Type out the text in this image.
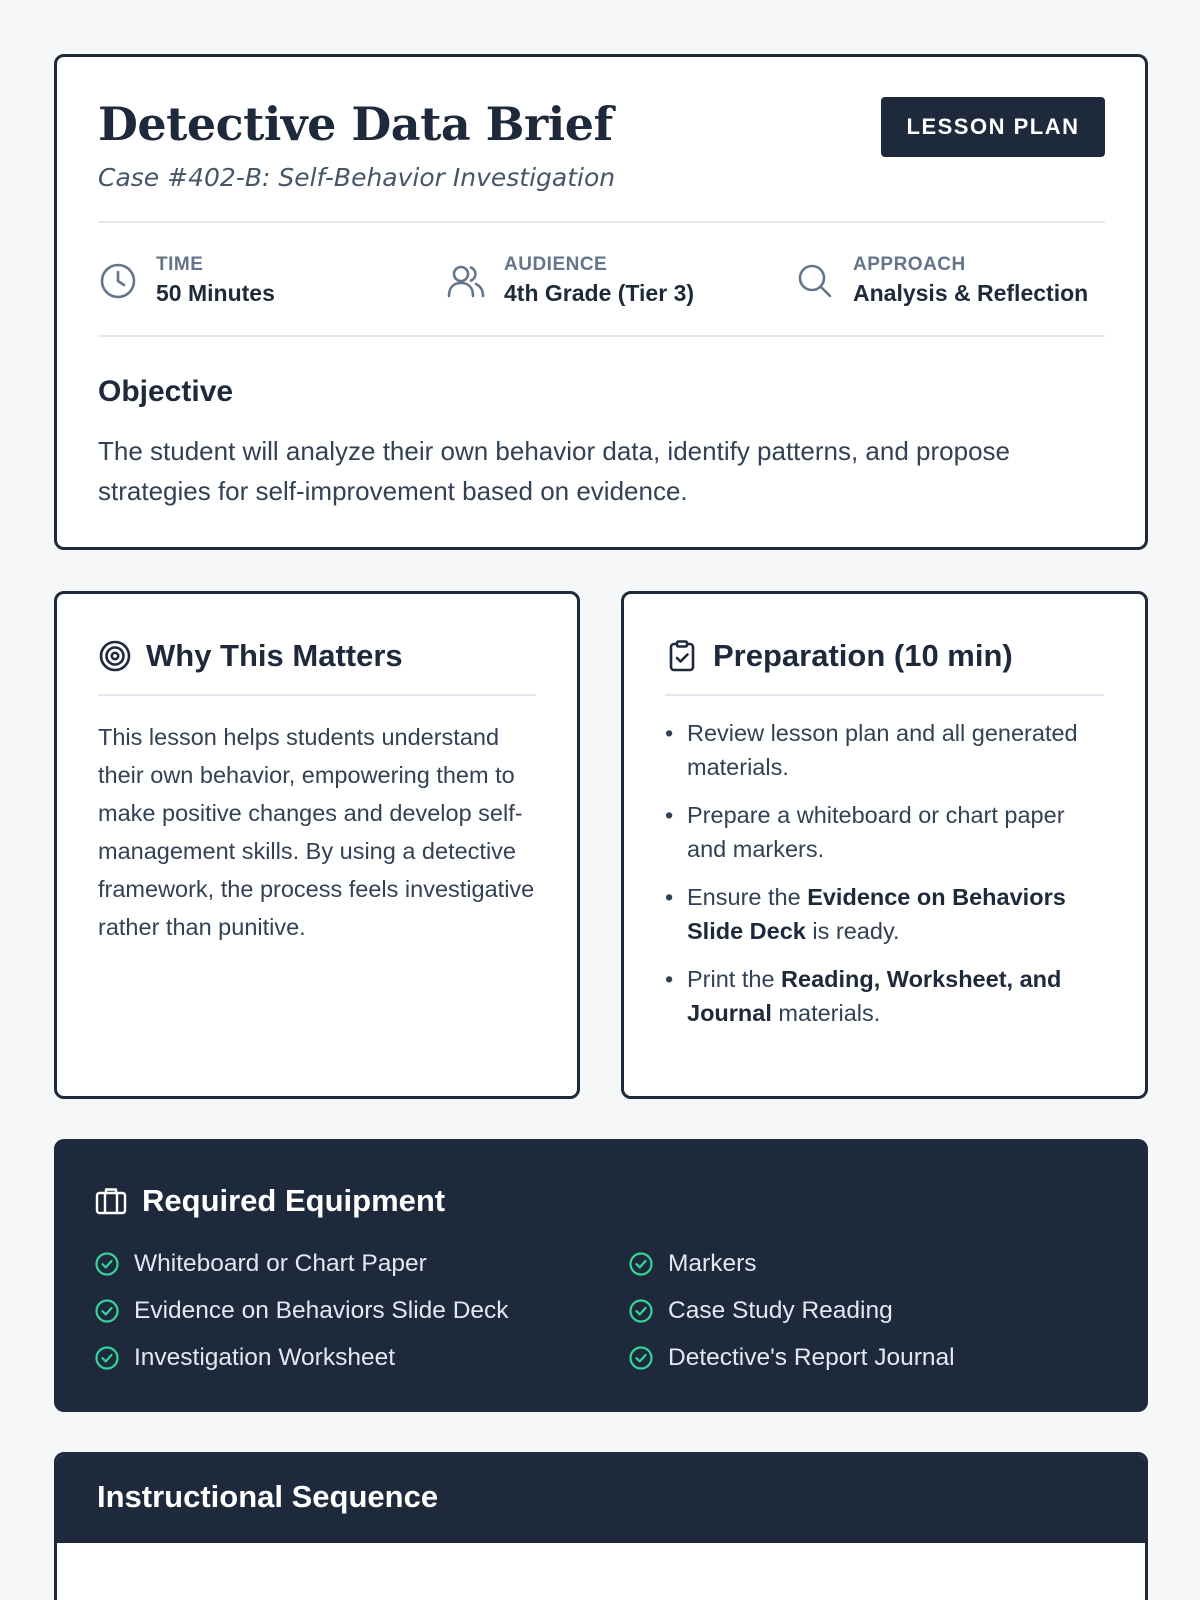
Detective Data Brief
Case #402-B: Self-Behavior Investigation
LESSON PLAN
TIME
50 Minutes
AUDIENCE
4th Grade (Tier 3)
APPROACH
Analysis & Reflection
Objective
The student will analyze their own behavior data, identify patterns, and propose strategies for self-improvement based on evidence.
Why This Matters
This lesson helps students understand their own behavior, empowering them to make positive changes and develop self-management skills. By using a detective framework, the process feels investigative rather than punitive.
Preparation (10 min)
• Review lesson plan and all generated materials.
• Prepare a whiteboard or chart paper and markers.
• Ensure the Evidence on Behaviors Slide Deck is ready.
• Print the Reading, Worksheet, and Journal materials.
Required Equipment
Whiteboard or Chart Paper	Markers
Evidence on Behaviors Slide Deck	Case Study Reading
Investigation Worksheet	Detective's Report Journal
Instructional Sequence
